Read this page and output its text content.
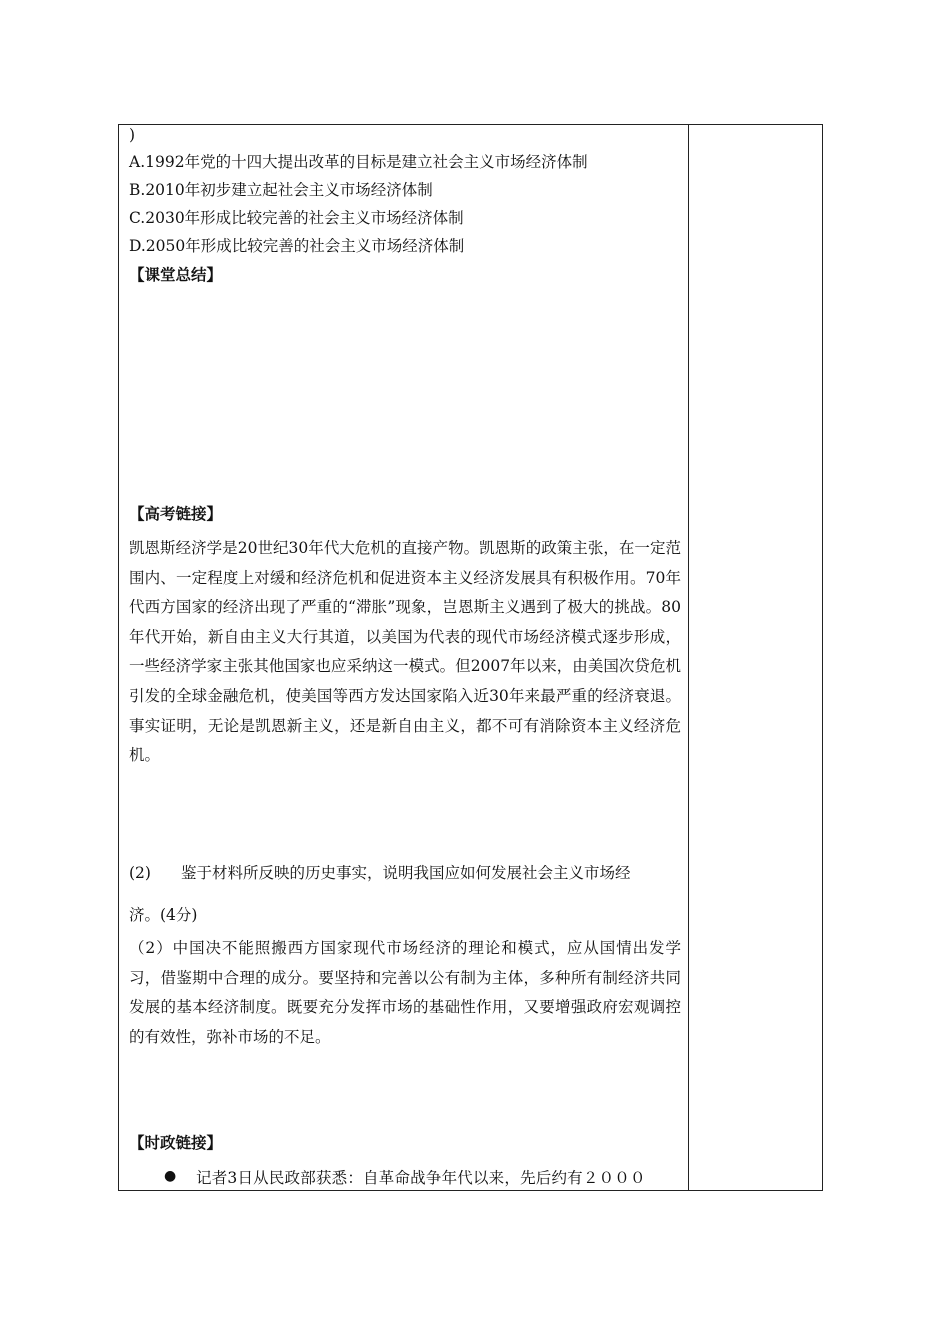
)
A.1992年党的十四大提出改革的目标是建立社会主义市场经济体制
B.2010年初步建立起社会主义市场经济体制
C.2030年形成比较完善的社会主义市场经济体制
D.2050年形成比较完善的社会主义市场经济体制
【课堂总结】
【高考链接】
凯恩斯经济学是20世纪30年代大危机的直接产物。凯恩斯的政策主张，在一定范围内、一定程度上对缓和经济危机和促进资本主义经济发展具有积极作用。70年代西方国家的经济出现了严重的“滞胀”现象，岂恩斯主义遇到了极大的挑战。80年代开始，新自由主义大行其道，以美国为代表的现代市场经济模式逐步形成，一些经济学家主张其他国家也应采纳这一模式。但2007年以来，由美国次贷危机引发的全球金融危机，使美国等西方发达国家陷入近30年来最严重的经济衰退。事实证明，无论是凯恩新主义，还是新自由主义，都不可有消除资本主义经济危机。
(2) 鉴于材料所反映的历史事实，说明我国应如何发展社会主义市场经
济。(4分)
（2）中国决不能照搬西方国家现代市场经济的理论和模式，应从国情出发学习，借鉴期中合理的成分。要坚持和完善以公有制为主体，多种所有制经济共同发展的基本经济制度。既要充分发挥市场的基础性作用，又要增强政府宏观调控的有效性，弥补市场的不足。
【时政链接】
● 记者3日从民政部获悉：自革命战争年代以来，先后约有２０００
